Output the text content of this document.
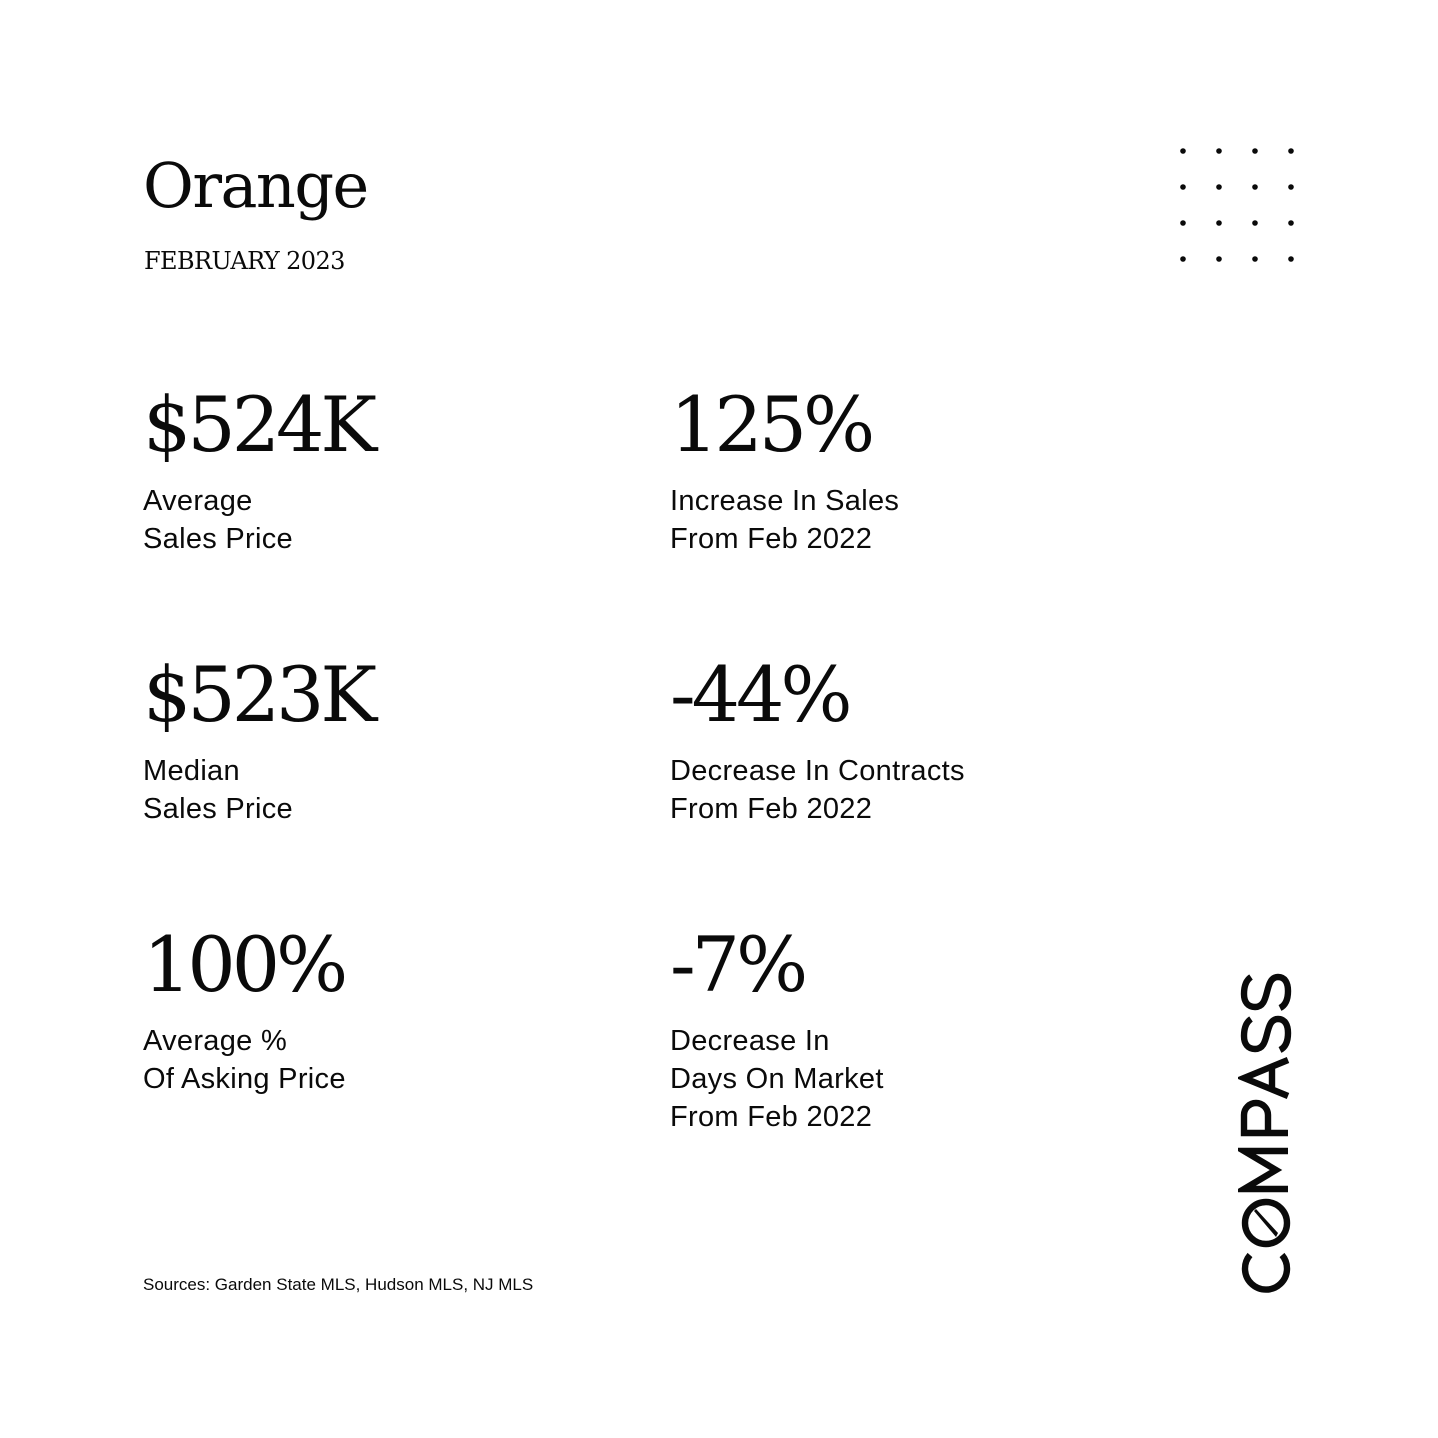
Orange
FEBRUARY 2023
$524K
Average
Sales Price
125%
Increase In Sales
From Feb 2022
$523K
Median
Sales Price
-44%
Decrease In Contracts
From Feb 2022
100%
Average %
Of Asking Price
-7%
Decrease In
Days On Market
From Feb 2022
Sources: Garden State MLS, Hudson MLS, NJ MLS
